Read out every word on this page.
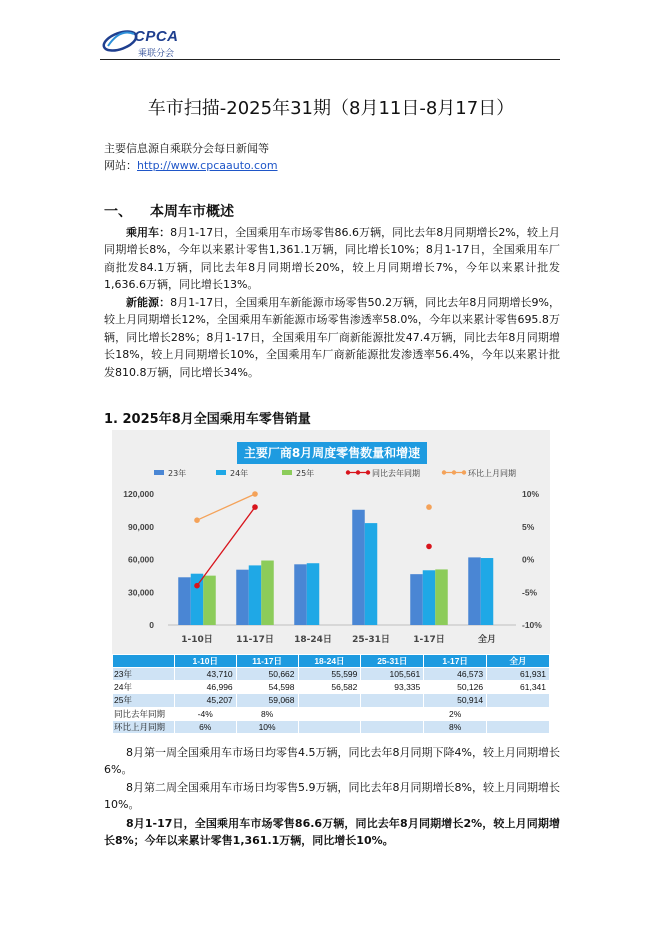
CPCA
乘联分会
车市扫描-2025年31期（8月11日-8月17日）
主要信息源自乘联分会每日新闻等
网站：http://www.cpcaauto.com
一、 本周车市概述
乘用车：8月1-17日，全国乘用车市场零售86.6万辆，同比去年8月同期增长2%，较上月同期增长8%，今年以来累计零售1,361.1万辆，同比增长10%；8月1-17日，全国乘用车厂商批发84.1万辆，同比去年8月同期增长20%，较上月同期增长7%，今年以来累计批发1,636.6万辆，同比增长13%。
新能源：8月1-17日，全国乘用车新能源市场零售50.2万辆，同比去年8月同期增长9%，较上月同期增长12%，全国乘用车新能源市场零售渗透率58.0%，今年以来累计零售695.8万辆，同比增长28%；8月1-17日，全国乘用车厂商新能源批发47.4万辆，同比去年8月同期增长18%，较上月同期增长10%，全国乘用车厂商新能源批发渗透率56.4%，今年以来累计批发810.8万辆，同比增长34%。
1. 2025年8月全国乘用车零售销量
主要厂商8月周度零售数量和增速
0
30,000
60,000
90,000
120,000
-10%
-5%
0%
5%
10%
1-10日	11-17日 18-24日 25-31日	1-17日	全月
23年	24年	25年	同比去年同期	环比上月同期
	1-10日	11-17日	18-24日	25-31日	1-17日	全月
23年	43,710	50,662	55,599	105,561	46,573	61,931
24年	46,996	54,598	56,582	93,335	50,126	61,341
25年	45,207	59,068			50,914	
同比去年同期	-4%	8%			2%	
环比上月同期	6%	10%			8%	
8月第一周全国乘用车市场日均零售4.5万辆，同比去年8月同期下降4%，较上月同期增长6%。
8月第二周全国乘用车市场日均零售5.9万辆，同比去年8月同期增长8%，较上月同期增长10%。
8月1-17日，全国乘用车市场零售86.6万辆，同比去年8月同期增长2%，较上月同期增长8%；今年以来累计零售1,361.1万辆，同比增长10%。
